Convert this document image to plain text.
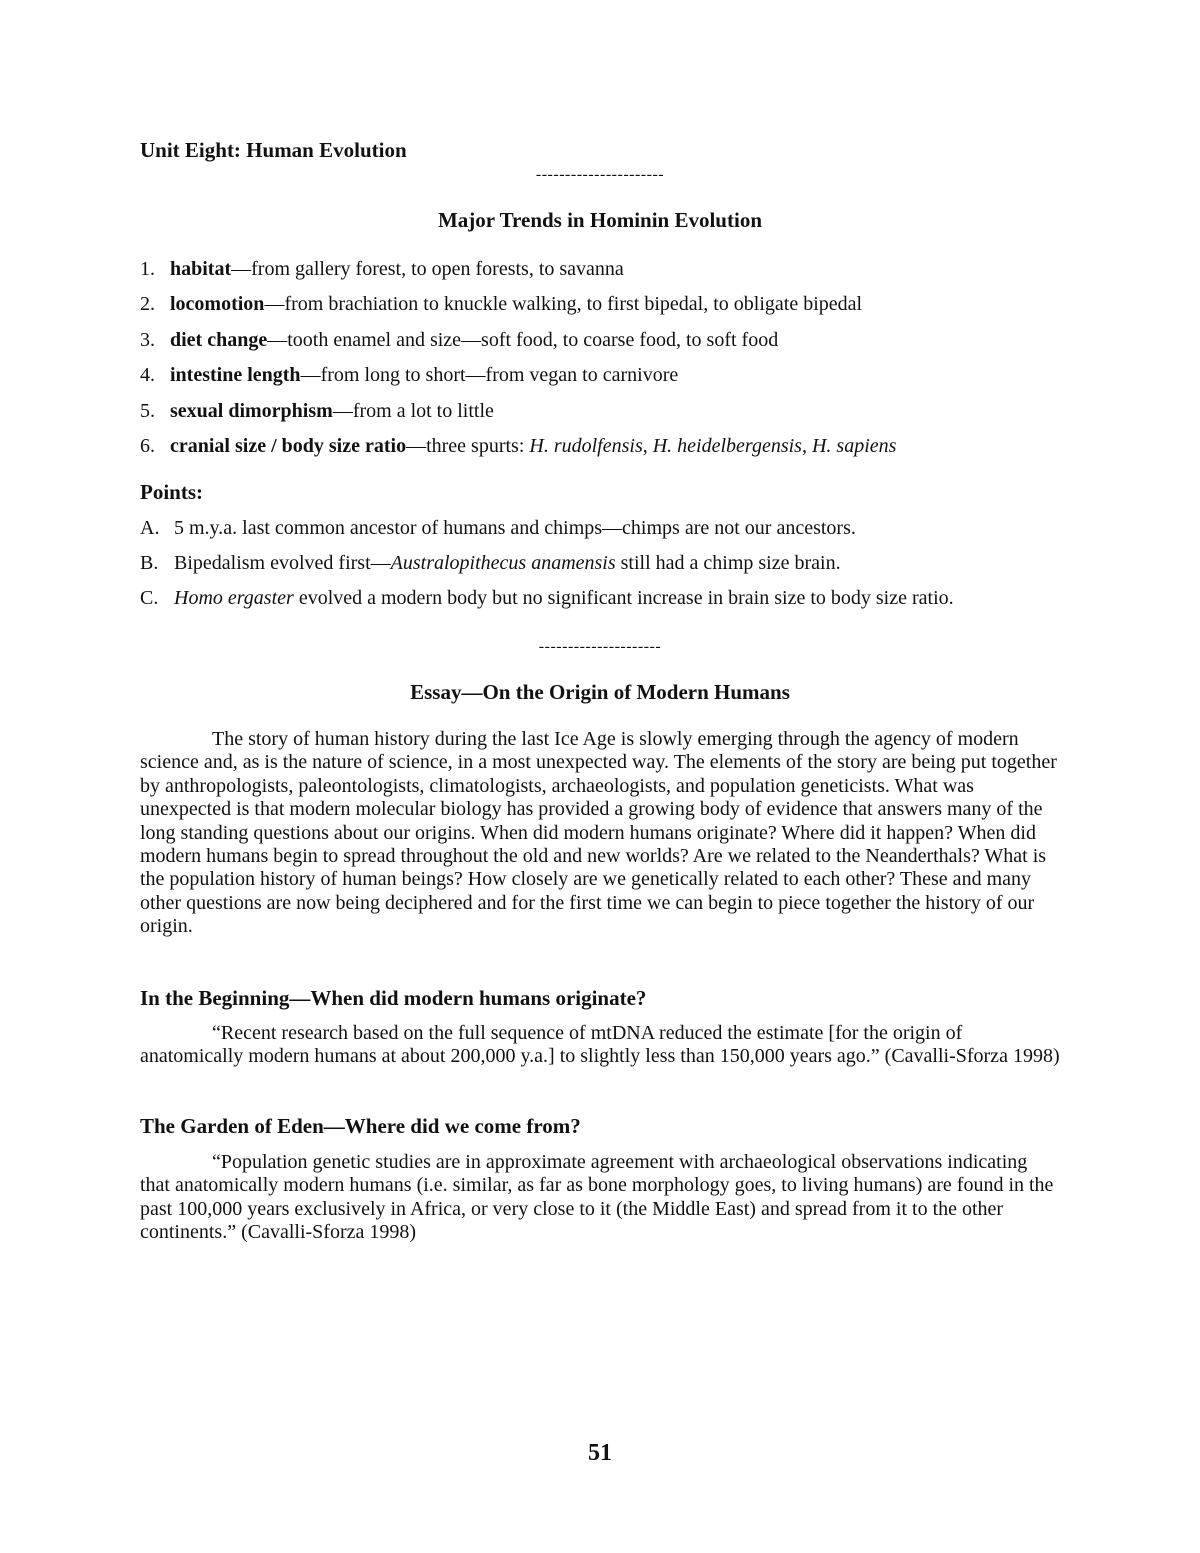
Unit Eight: Human Evolution
----------------------
Major Trends in Hominin Evolution
1. habitat—from gallery forest, to open forests, to savanna
2. locomotion—from brachiation to knuckle walking, to first bipedal, to obligate bipedal
3. diet change—tooth enamel and size—soft food, to coarse food, to soft food
4. intestine length—from long to short—from vegan to carnivore
5. sexual dimorphism—from a lot to little
6. cranial size / body size ratio—three spurts: H. rudolfensis, H. heidelbergensis, H. sapiens
Points:
A. 5 m.y.a. last common ancestor of humans and chimps—chimps are not our ancestors.
B. Bipedalism evolved first—Australopithecus anamensis still had a chimp size brain.
C. Homo ergaster evolved a modern body but no significant increase in brain size to body size ratio.
---------------------
Essay—On the Origin of Modern Humans

The story of human history during the last Ice Age is slowly emerging through the agency of modern science and, as is the nature of science, in a most unexpected way. The elements of the story are being put together by anthropologists, paleontologists, climatologists, archaeologists, and population geneticists. What was unexpected is that modern molecular biology has provided a growing body of evidence that answers many of the long standing questions about our origins. When did modern humans originate? Where did it happen? When did modern humans begin to spread throughout the old and new worlds? Are we related to the Neanderthals? What is the population history of human beings? How closely are we genetically related to each other? These and many other questions are now being deciphered and for the first time we can begin to piece together the history of our origin.

In the Beginning—When did modern humans originate?

“Recent research based on the full sequence of mtDNA reduced the estimate [for the origin of anatomically modern humans at about 200,000 y.a.] to slightly less than 150,000 years ago.” (Cavalli-Sforza 1998)

The Garden of Eden—Where did we come from?

“Population genetic studies are in approximate agreement with archaeological observations indicating that anatomically modern humans (i.e. similar, as far as bone morphology goes, to living humans) are found in the past 100,000 years exclusively in Africa, or very close to it (the Middle East) and spread from it to the other continents.” (Cavalli-Sforza 1998)

51
